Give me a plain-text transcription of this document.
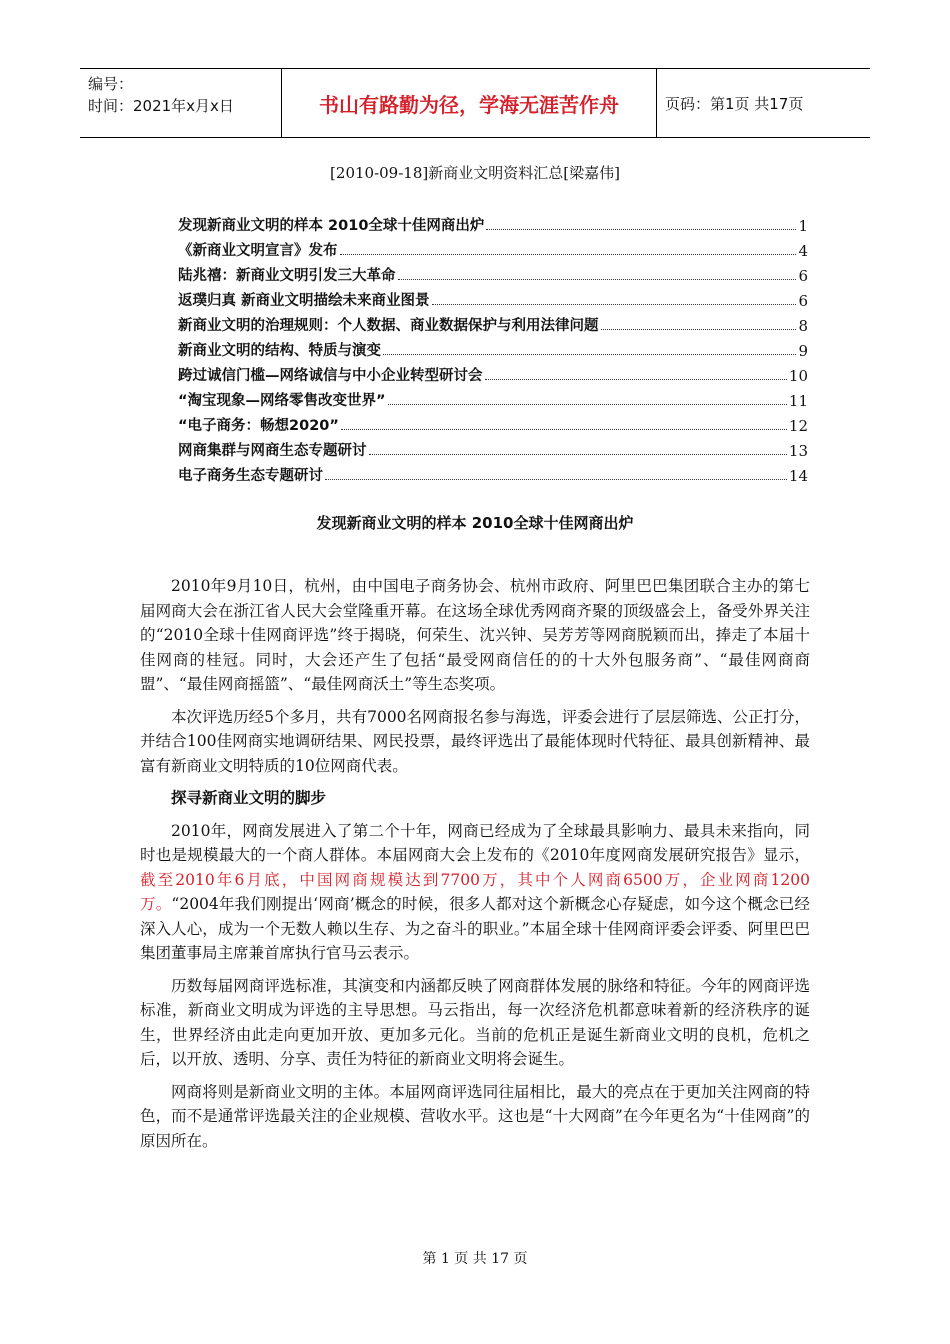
编号：
时间：2021年x月x日	书山有路勤为径，学海无涯苦作舟	页码：第1页 共17页
[2010-09-18]新商业文明资料汇总[梁嘉伟]
发现新商业文明的样本 2010全球十佳网商出炉	1
《新商业文明宣言》发布	4
陆兆禧：新商业文明引发三大革命	6
返璞归真 新商业文明描绘未来商业图景	6
新商业文明的治理规则：个人数据、商业数据保护与利用法律问题	8
新商业文明的结构、特质与演变	9
跨过诚信门槛—网络诚信与中小企业转型研讨会	10
“淘宝现象—网络零售改变世界”	11
“电子商务：畅想2020”	12
网商集群与网商生态专题研讨	13
电子商务生态专题研讨	14
发现新商业文明的样本 2010全球十佳网商出炉

2010年9月10日，杭州，由中国电子商务协会、杭州市政府、阿里巴巴集团联合主办的第七届网商大会在浙江省人民大会堂隆重开幕。在这场全球优秀网商齐聚的顶级盛会上，备受外界关注的“2010全球十佳网商评选”终于揭晓，何荣生、沈兴钟、吴芳芳等网商脱颖而出，捧走了本届十佳网商的桂冠。同时，大会还产生了包括“最受网商信任的的十大外包服务商”、“最佳网商商盟”、“最佳网商摇篮”、“最佳网商沃土”等生态奖项。

本次评选历经5个多月，共有7000名网商报名参与海选，评委会进行了层层筛选、公正打分，并结合100佳网商实地调研结果、网民投票，最终评选出了最能体现时代特征、最具创新精神、最富有新商业文明特质的10位网商代表。

探寻新商业文明的脚步

2010年，网商发展进入了第二个十年，网商已经成为了全球最具影响力、最具未来指向，同时也是规模最大的一个商人群体。本届网商大会上发布的《2010年度网商发展研究报告》显示，截至2010年6月底，中国网商规模达到7700万，其中个人网商6500万，企业网商1200万。“2004年我们刚提出‘网商’概念的时候，很多人都对这个新概念心存疑虑，如今这个概念已经深入人心，成为一个无数人赖以生存、为之奋斗的职业。”本届全球十佳网商评委会评委、阿里巴巴集团董事局主席兼首席执行官马云表示。

历数每届网商评选标准，其演变和内涵都反映了网商群体发展的脉络和特征。今年的网商评选标准，新商业文明成为评选的主导思想。马云指出，每一次经济危机都意味着新的经济秩序的诞生，世界经济由此走向更加开放、更加多元化。当前的危机正是诞生新商业文明的良机，危机之后，以开放、透明、分享、责任为特征的新商业文明将会诞生。

网商将则是新商业文明的主体。本届网商评选同往届相比，最大的亮点在于更加关注网商的特色，而不是通常评选最关注的企业规模、营收水平。这也是“十大网商”在今年更名为“十佳网商”的原因所在。

第 1 页 共 17 页
